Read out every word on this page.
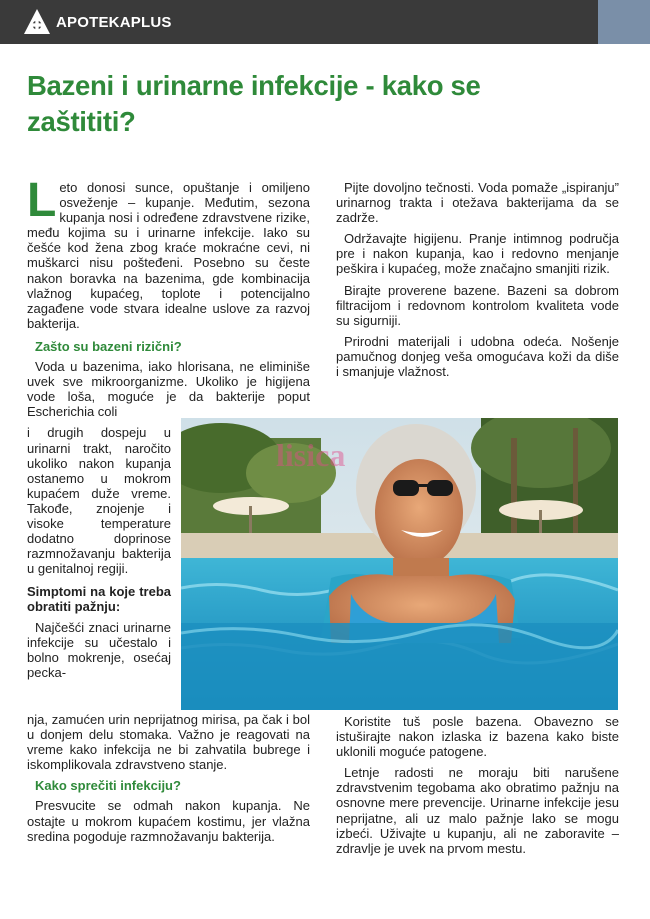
APOTEKAPLUS
Bazeni i urinarne infekcije - kako se zaštititi?

Leto donosi sunce, opuštanje i omiljeno osveženje – kupanje. Međutim, sezona kupanja nosi i određene zdravstvene rizike, među kojima su i urinarne infekcije. Iako su češće kod žena zbog kraće mokraćne cevi, ni muškarci nisu pošteđeni. Posebno su česte nakon boravka na bazenima, gde kombinacija vlažnog kupaćeg, toplote i potencijalno zagađene vode stvara idealne uslove za razvoj bakterija.

Zašto su bazeni rizični?

Voda u bazenima, iako hlorisana, ne eliminiše uvek sve mikroorganizme. Ukoliko je higijena vode loša, moguće je da bakterije poput Escherichia coli

i drugih dospeju u urinarni trakt, naročito ukoliko nakon kupanja ostanemo u mokrom kupaćem duže vreme. Takođe, znojenje i visoke temperature dodatno doprinose razmnožavanju bakterija u genitalnoj regiji.

Simptomi na koje treba obratiti pažnju:

Najčešći znaci urinarne infekcije su učestalo i bolno mokrenje, osećaj pecka-

nja, zamućen urin neprijatnog mirisa, pa čak i bol u donjem delu stomaka. Važno je reagovati na vreme kako infekcija ne bi zahvatila bubrege i iskomplikovala zdravstveno stanje.

Kako sprečiti infekciju?

Presvucite se odmah nakon kupanja. Ne ostajte u mokrom kupaćem kostimu, jer vlažna sredina pogoduje razmnožavanju bakterija.

Pijte dovoljno tečnosti. Voda pomaže „ispiranju” urinarnog trakta i otežava bakterijama da se zadrže.

Održavajte higijenu. Pranje intimnog područja pre i nakon kupanja, kao i redovno menjanje peškira i kupaćeg, može značajno smanjiti rizik.

Birajte proverene bazene. Bazeni sa dobrom filtracijom i redovnom kontrolom kvaliteta vode su sigurniji.

Prirodni materijali i udobna odeća. Nošenje pamučnog donjeg veša omogućava koži da diše i smanjuje vlažnost.

lisica

Koristite tuš posle bazena. Obavezno se istuširajte nakon izlaska iz bazena kako biste uklonili moguće patogene.

Letnje radosti ne moraju biti narušene zdravstvenim tegobama ako obratimo pažnju na osnovne mere prevencije. Urinarne infekcije jesu neprijatne, ali uz malo pažnje lako se mogu izbeći. Uživajte u kupanju, ali ne zaboravite – zdravlje je uvek na prvom mestu.
